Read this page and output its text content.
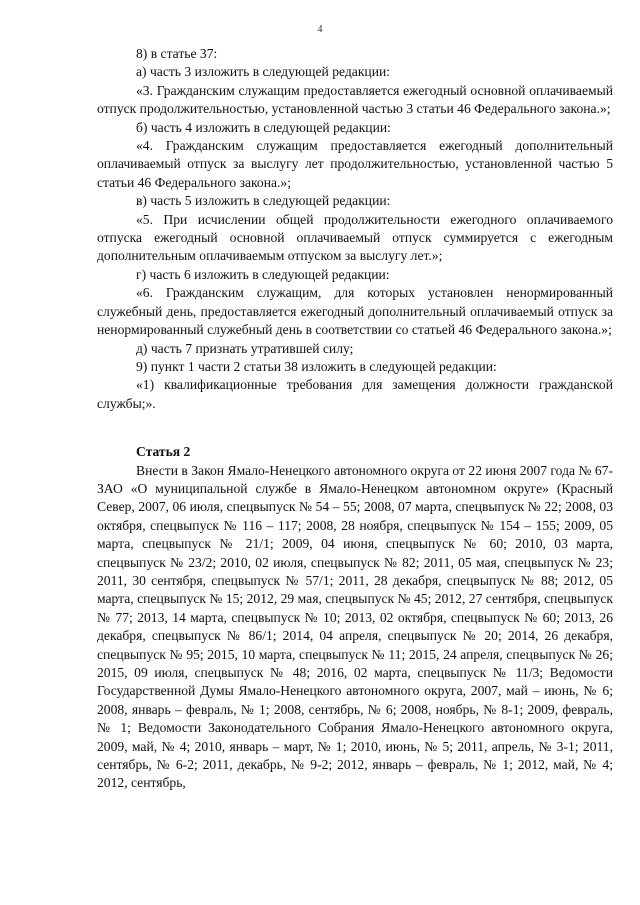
4

8) в статье 37:

а) часть 3 изложить в следующей редакции:

«3. Гражданским служащим предоставляется ежегодный основной оплачиваемый отпуск продолжительностью, установленной частью 3 статьи 46 Федерального закона.»;

б) часть 4 изложить в следующей редакции:

«4. Гражданским служащим предоставляется ежегодный дополнительный оплачиваемый отпуск за выслугу лет продолжительностью, установленной частью 5 статьи 46 Федерального закона.»;

в) часть 5 изложить в следующей редакции:

«5. При исчислении общей продолжительности ежегодного оплачиваемого отпуска ежегодный основной оплачиваемый отпуск суммируется с ежегодным дополнительным оплачиваемым отпуском за выслугу лет.»;

г) часть 6 изложить в следующей редакции:

«6. Гражданским служащим, для которых установлен ненормированный служебный день, предоставляется ежегодный дополнительный оплачиваемый отпуск за ненормированный служебный день в соответствии со статьей 46 Федерального закона.»;

д) часть 7 признать утратившей силу;

9) пункт 1 части 2 статьи 38 изложить в следующей редакции:

«1) квалификационные требования для замещения должности гражданской службы;».

Статья 2

Внести в Закон Ямало-Ненецкого автономного округа от 22 июня 2007 года № 67-ЗАО «О муниципальной службе в Ямало-Ненецком автономном округе» (Красный Север, 2007, 06 июля, спецвыпуск № 54 – 55; 2008, 07 марта, спецвыпуск № 22; 2008, 03 октября, спецвыпуск № 116 – 117; 2008, 28 ноября, спецвыпуск № 154 – 155; 2009, 05 марта, спецвыпуск № 21/1; 2009, 04 июня, спецвыпуск № 60; 2010, 03 марта, спецвыпуск № 23/2; 2010, 02 июля, спецвыпуск № 82; 2011, 05 мая, спецвыпуск № 23; 2011, 30 сентября, спецвыпуск № 57/1; 2011, 28 декабря, спецвыпуск № 88; 2012, 05 марта, спецвыпуск № 15; 2012, 29 мая, спецвыпуск № 45; 2012, 27 сентября, спецвыпуск № 77; 2013, 14 марта, спецвыпуск № 10; 2013, 02 октября, спецвыпуск № 60; 2013, 26 декабря, спецвыпуск № 86/1; 2014, 04 апреля, спецвыпуск № 20; 2014, 26 декабря, спецвыпуск № 95; 2015, 10 марта, спецвыпуск № 11; 2015, 24 апреля, спецвыпуск № 26; 2015, 09 июля, спецвыпуск № 48; 2016, 02 марта, спецвыпуск № 11/3; Ведомости Государственной Думы Ямало-Ненецкого автономного округа, 2007, май – июнь, № 6; 2008, январь – февраль, № 1; 2008, сентябрь, № 6; 2008, ноябрь, № 8-1; 2009, февраль, № 1; Ведомости Законодательного Собрания Ямало-Ненецкого автономного округа, 2009, май, № 4; 2010, январь – март, № 1; 2010, июнь, № 5; 2011, апрель, № 3-1; 2011, сентябрь, № 6-2; 2011, декабрь, № 9-2; 2012, январь – февраль, № 1; 2012, май, № 4; 2012, сентябрь,
